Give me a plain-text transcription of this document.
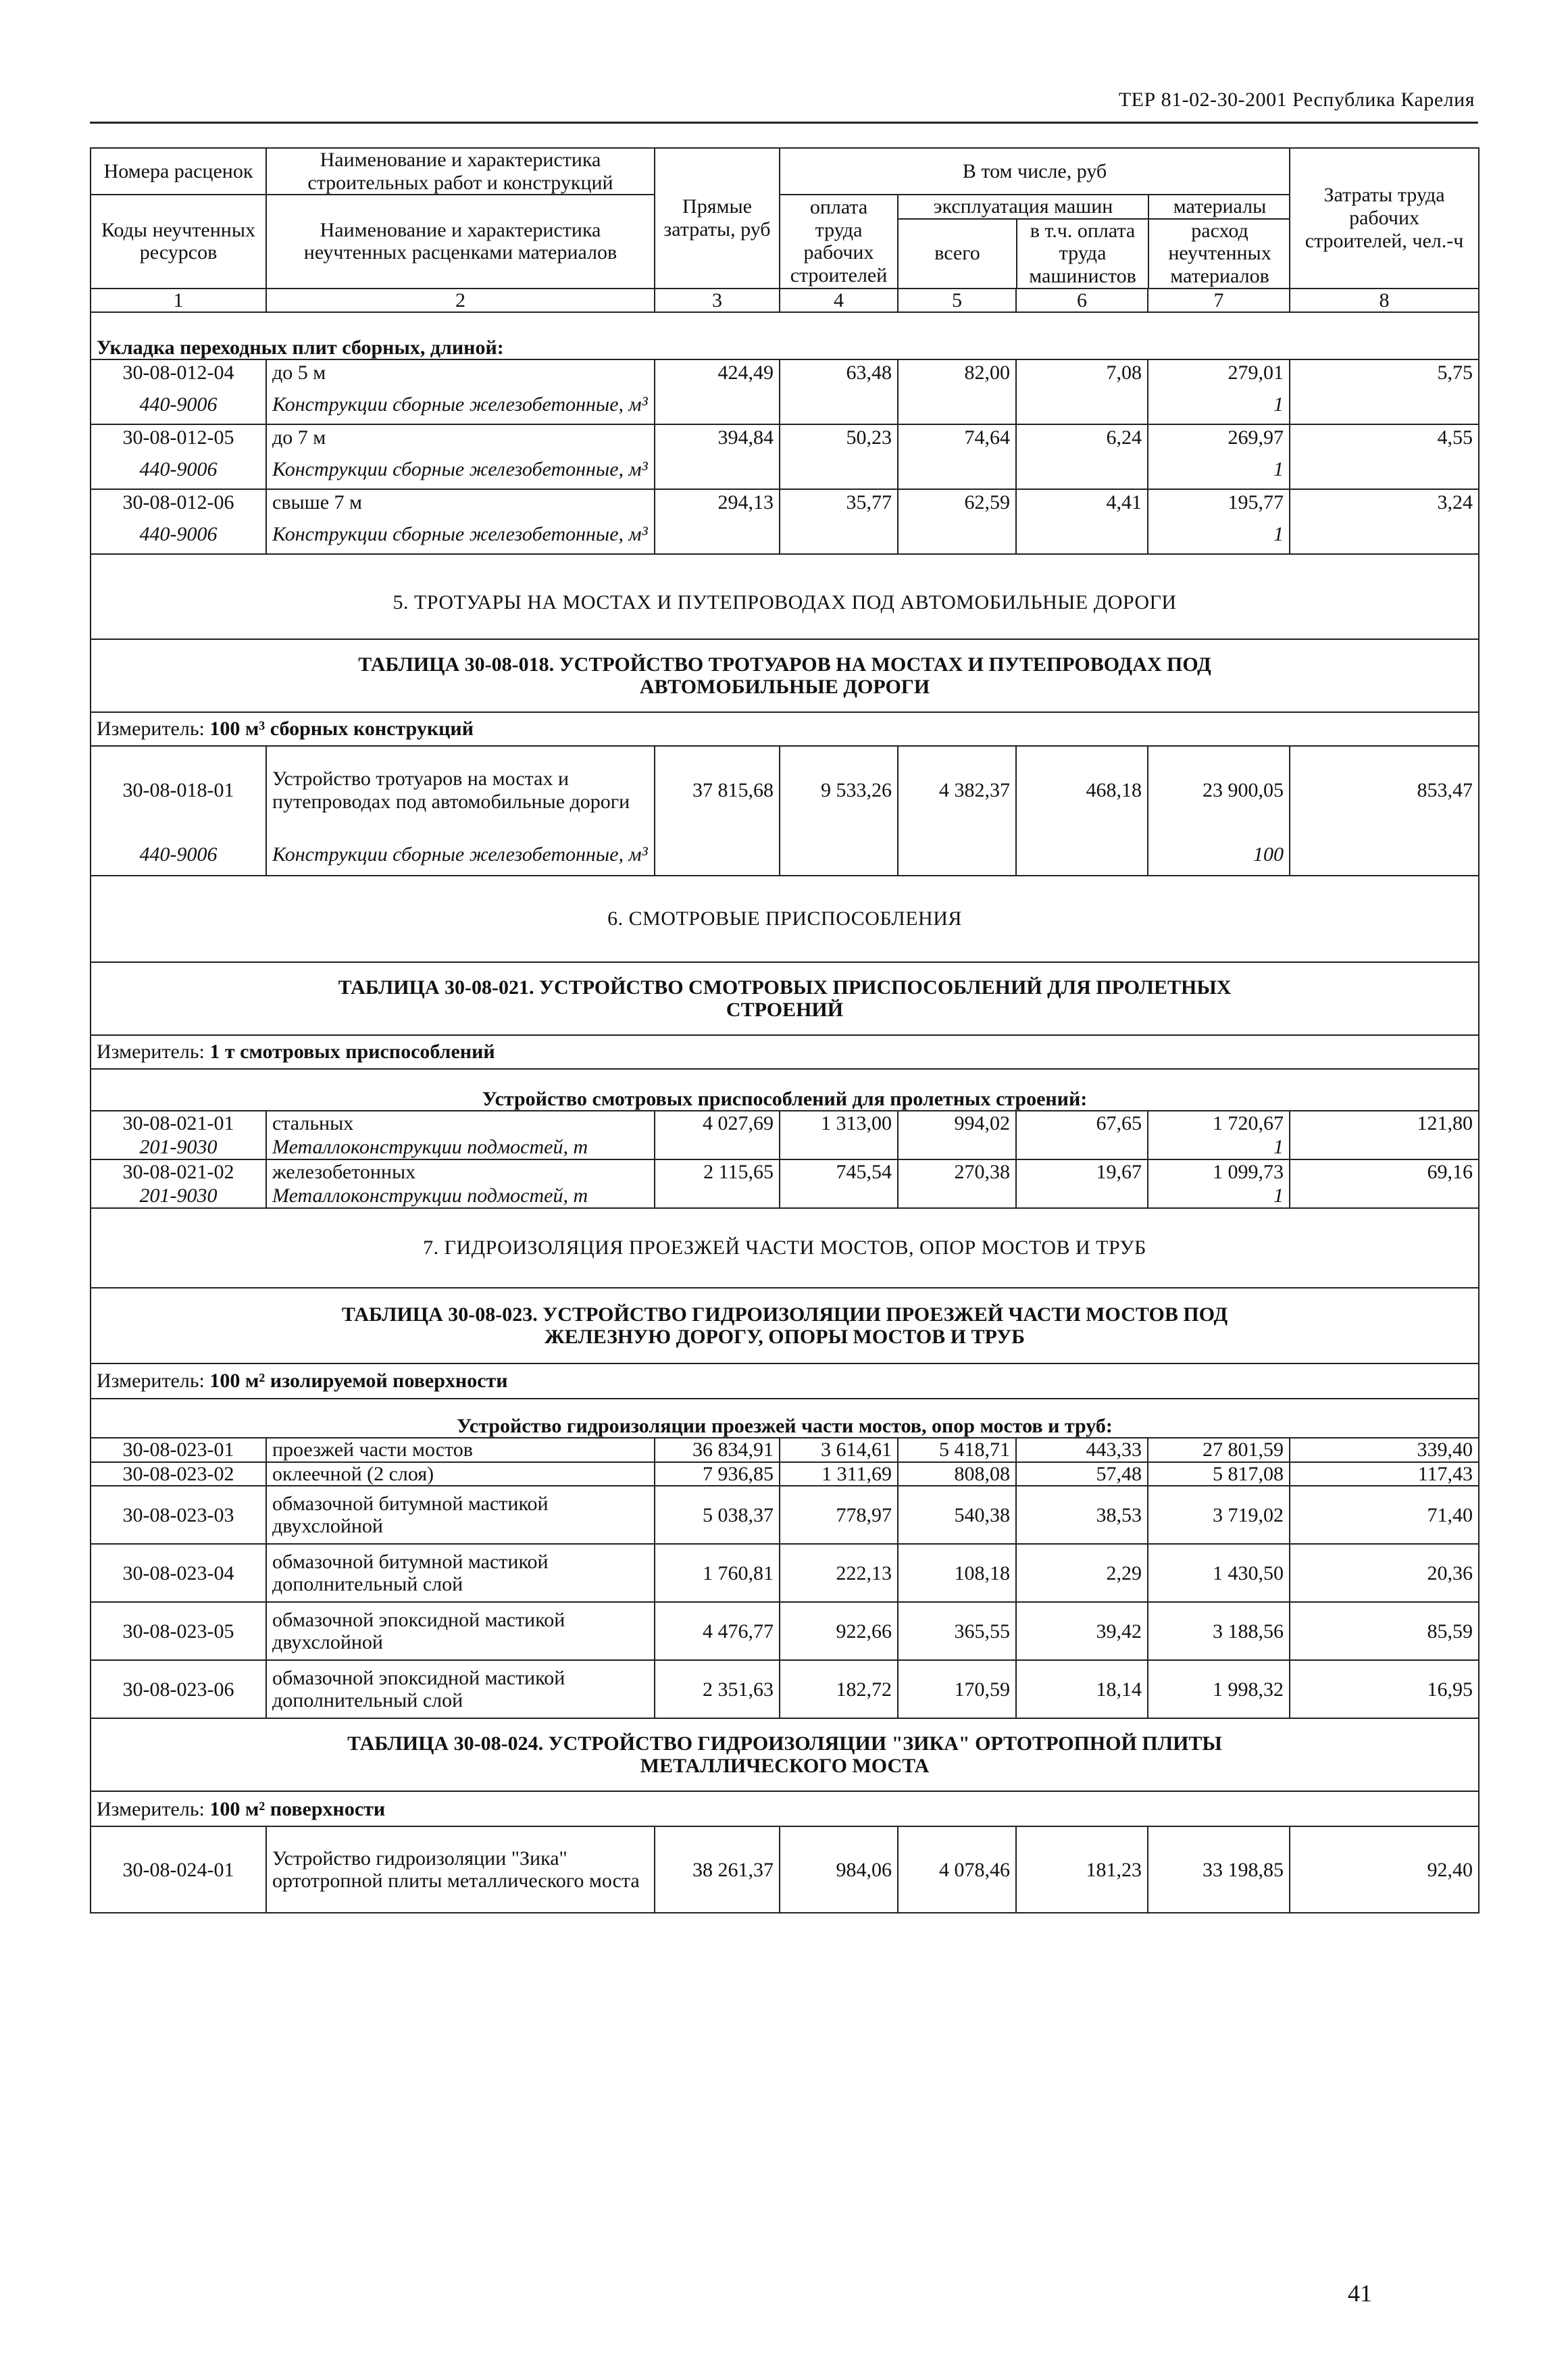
ТЕР 81-02-30-2001 Республика Карелия
Номера расценок	Наименование и характеристика строительных работ и конструкций	Прямые затраты, руб	В том числе, руб	Затраты труда рабочих строителей, чел.-ч
Коды неучтенных ресурсов	Наименование и характеристика неучтенных расценками материалов	оплата труда рабочих строителей	
эксплуатация машин	материалы
всего	в т.ч. оплата труда машинистов	расход неучтенных материалов

1	2	3	4	5	6	7	8
Укладка переходных плит сборных, длиной:
30-08-012-04	до 5 м	424,49	63,48	82,00	7,08	279,01	5,75
440-9006	Конструкции сборные железобетонные, м³					1	
30-08-012-05	до 7 м	394,84	50,23	74,64	6,24	269,97	4,55
440-9006	Конструкции сборные железобетонные, м³					1	
30-08-012-06	свыше 7 м	294,13	35,77	62,59	4,41	195,77	3,24
440-9006	Конструкции сборные железобетонные, м³					1	
5. ТРОТУАРЫ НА МОСТАХ И ПУТЕПРОВОДАХ ПОД АВТОМОБИЛЬНЫЕ ДОРОГИ

ТАБЛИЦА 30-08-018. УСТРОЙСТВО ТРОТУАРОВ НА МОСТАХ И ПУТЕПРОВОДАХ ПОД
АВТОМОБИЛЬНЫЕ ДОРОГИ

Измеритель: 100 м³ сборных конструкций
30-08-018-01	Устройство тротуаров на мостах и путепроводах под автомобильные дороги	37 815,68	9 533,26	4 382,37	468,18	23 900,05	853,47
440-9006	Конструкции сборные железобетонные, м³					100	
6. СМОТРОВЫЕ ПРИСПОСОБЛЕНИЯ

ТАБЛИЦА 30-08-021. УСТРОЙСТВО СМОТРОВЫХ ПРИСПОСОБЛЕНИЙ ДЛЯ ПРОЛЕТНЫХ
СТРОЕНИЙ

Измеритель: 1 т смотровых приспособлений
Устройство смотровых приспособлений для пролетных строений:
30-08-021-01	стальных	4 027,69	1 313,00	994,02	67,65	1 720,67	121,80
201-9030	Металлоконструкции подмостей, т					1	
30-08-021-02	железобетонных	2 115,65	745,54	270,38	19,67	1 099,73	69,16
201-9030	Металлоконструкции подмостей, т					1	
7. ГИДРОИЗОЛЯЦИЯ ПРОЕЗЖЕЙ ЧАСТИ МОСТОВ, ОПОР МОСТОВ И ТРУБ

ТАБЛИЦА 30-08-023. УСТРОЙСТВО ГИДРОИЗОЛЯЦИИ ПРОЕЗЖЕЙ ЧАСТИ МОСТОВ ПОД
ЖЕЛЕЗНУЮ ДОРОГУ, ОПОРЫ МОСТОВ И ТРУБ

Измеритель: 100 м² изолируемой поверхности
Устройство гидроизоляции проезжей части мостов, опор мостов и труб:
30-08-023-01	проезжей части мостов	36 834,91	3 614,61	5 418,71	443,33	27 801,59	339,40
30-08-023-02	оклеечной (2 слоя)	7 936,85	1 311,69	808,08	57,48	5 817,08	117,43
30-08-023-03	обмазочной битумной мастикой двухслойной	5 038,37	778,97	540,38	38,53	3 719,02	71,40
30-08-023-04	обмазочной битумной мастикой дополнительный слой	1 760,81	222,13	108,18	2,29	1 430,50	20,36
30-08-023-05	обмазочной эпоксидной мастикой двухслойной	4 476,77	922,66	365,55	39,42	3 188,56	85,59
30-08-023-06	обмазочной эпоксидной мастикой дополнительный слой	2 351,63	182,72	170,59	18,14	1 998,32	16,95

ТАБЛИЦА 30-08-024. УСТРОЙСТВО ГИДРОИЗОЛЯЦИИ "ЗИКА" ОРТОТРОПНОЙ ПЛИТЫ
МЕТАЛЛИЧЕСКОГО МОСТА

Измеритель: 100 м² поверхности
30-08-024-01	Устройство гидроизоляции "Зика" ортотропной плиты металлического моста	38 261,37	984,06	4 078,46	181,23	33 198,85	92,40
41
